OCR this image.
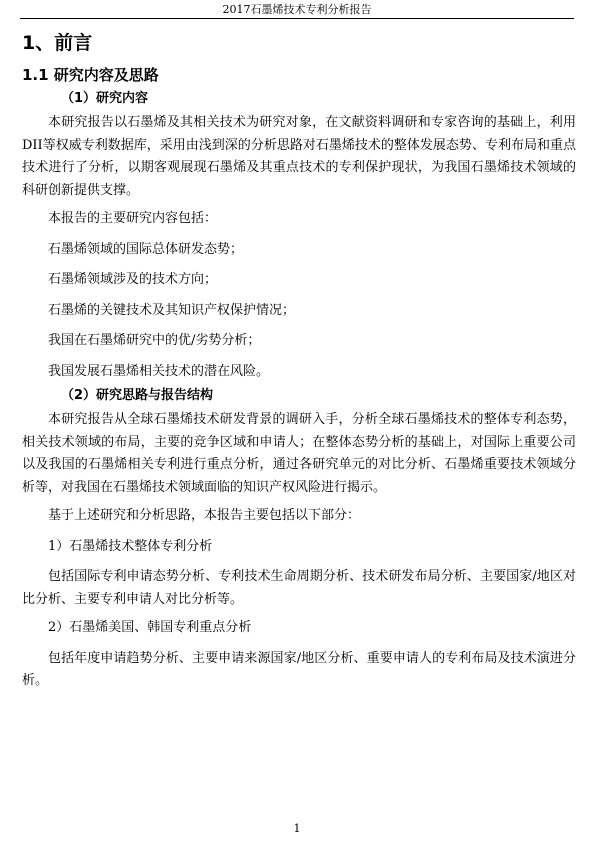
2017石墨烯技术专利分析报告
1、前言
1.1 研究内容及思路
（1）研究内容

本研究报告以石墨烯及其相关技术为研究对象，在文献资料调研和专家咨询的基础上，利用DII等权威专利数据库，采用由浅到深的分析思路对石墨烯技术的整体发展态势、专利布局和重点技术进行了分析，以期客观展现石墨烯及其重点技术的专利保护现状，为我国石墨烯技术领域的科研创新提供支撑。

本报告的主要研究内容包括：

石墨烯领域的国际总体研发态势；

石墨烯领域涉及的技术方向；

石墨烯的关键技术及其知识产权保护情况；

我国在石墨烯研究中的优/劣势分析；

我国发展石墨烯相关技术的潜在风险。

（2）研究思路与报告结构

本研究报告从全球石墨烯技术研发背景的调研入手，分析全球石墨烯技术的整体专利态势，相关技术领域的布局，主要的竞争区域和申请人；在整体态势分析的基础上，对国际上重要公司以及我国的石墨烯相关专利进行重点分析，通过各研究单元的对比分析、石墨烯重要技术领域分析等，对我国在石墨烯技术领域面临的知识产权风险进行揭示。

基于上述研究和分析思路，本报告主要包括以下部分：

1）石墨烯技术整体专利分析

包括国际专利申请态势分析、专利技术生命周期分析、技术研发布局分析、主要国家/地区对比分析、主要专利申请人对比分析等。

2）石墨烯美国、韩国专利重点分析

包括年度申请趋势分析、主要申请来源国家/地区分析、重要申请人的专利布局及技术演进分析。

1
